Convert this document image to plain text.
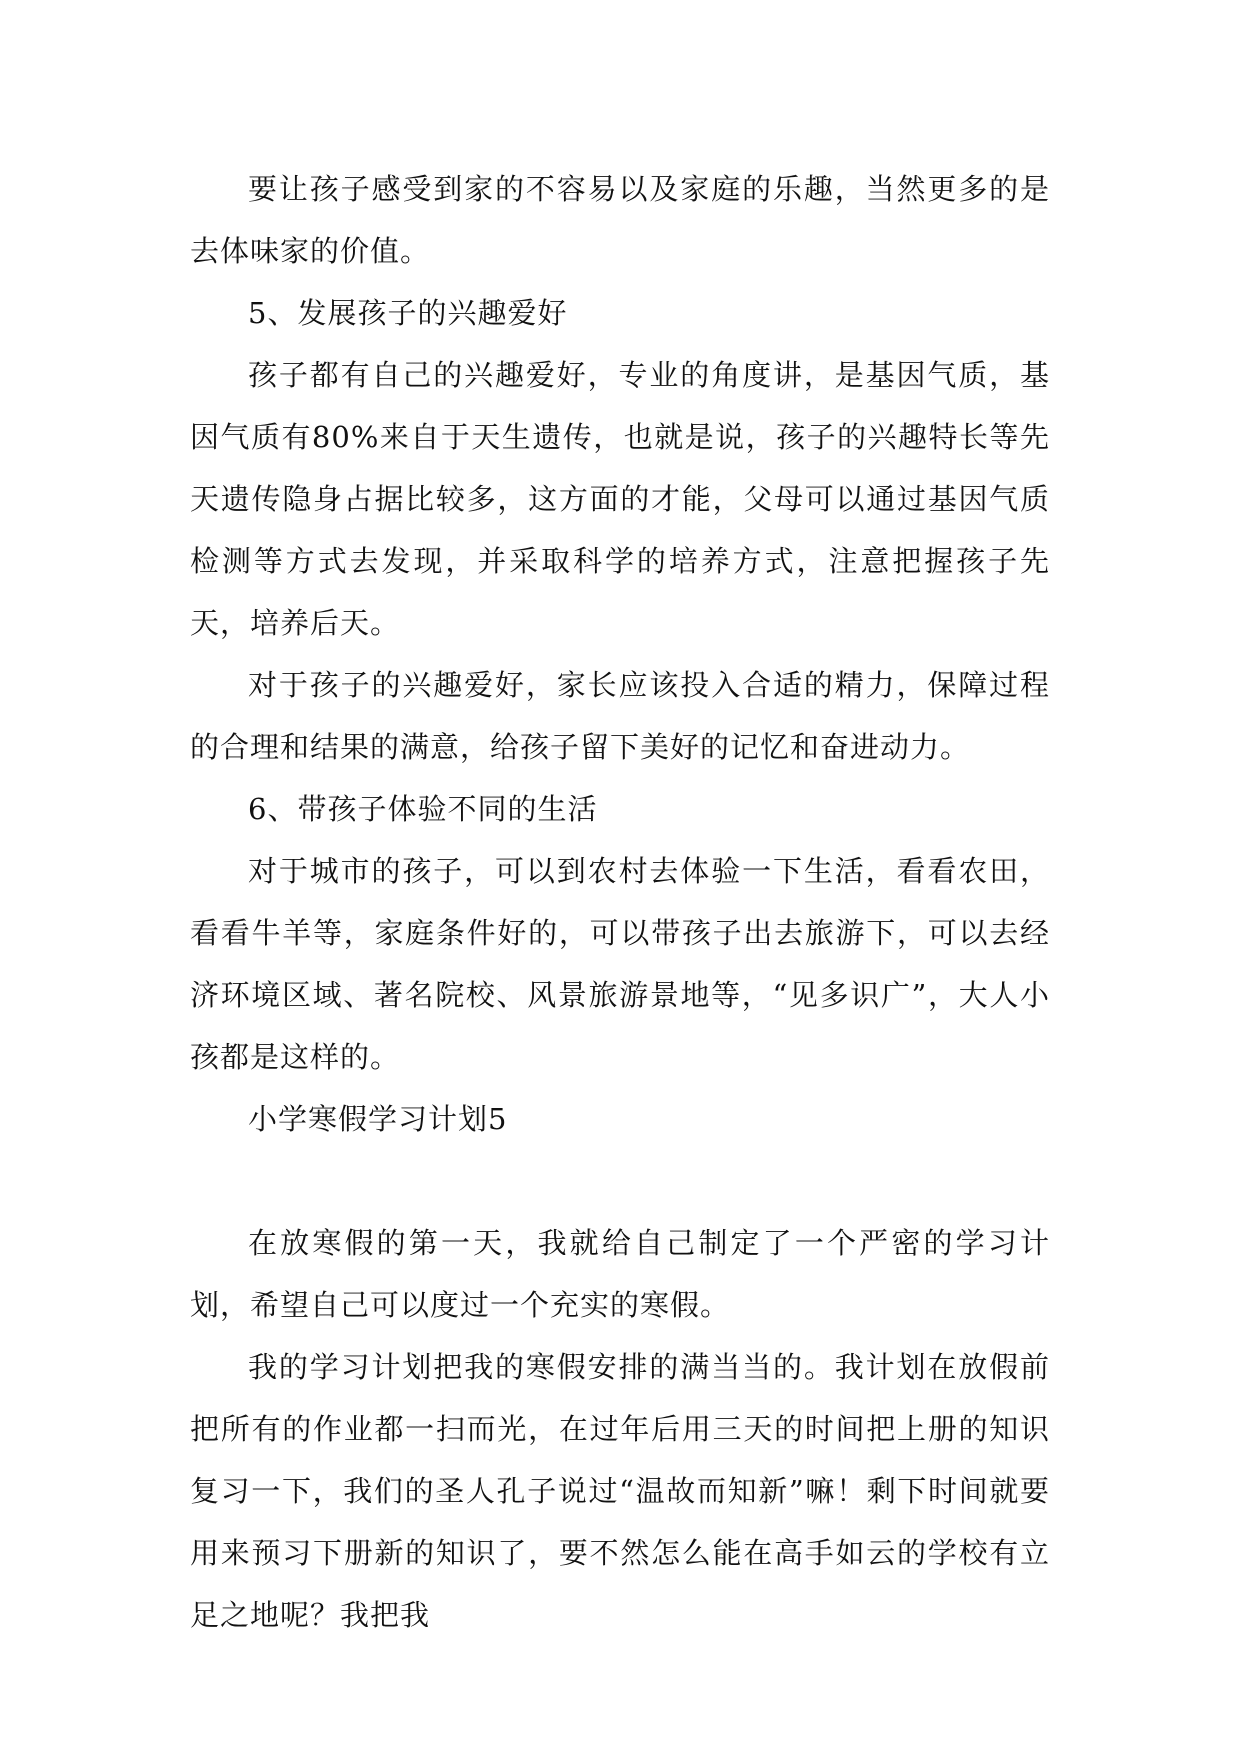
要让孩子感受到家的不容易以及家庭的乐趣，当然更多的是去体味家的价值。

5、发展孩子的兴趣爱好

孩子都有自己的兴趣爱好，专业的角度讲，是基因气质，基因气质有80%来自于天生遗传，也就是说，孩子的兴趣特长等先天遗传隐身占据比较多，这方面的才能，父母可以通过基因气质检测等方式去发现，并采取科学的培养方式，注意把握孩子先天，培养后天。

对于孩子的兴趣爱好，家长应该投入合适的精力，保障过程的合理和结果的满意，给孩子留下美好的记忆和奋进动力。

6、带孩子体验不同的生活

对于城市的孩子，可以到农村去体验一下生活，看看农田，看看牛羊等，家庭条件好的，可以带孩子出去旅游下，可以去经济环境区域、著名院校、风景旅游景地等，“见多识广”，大人小孩都是这样的。

小学寒假学习计划5

在放寒假的第一天，我就给自己制定了一个严密的学习计划，希望自己可以度过一个充实的寒假。

我的学习计划把我的寒假安排的满当当的。我计划在放假前把所有的作业都一扫而光，在过年后用三天的时间把上册的知识复习一下，我们的圣人孔子说过“温故而知新”嘛！剩下时间就要用来预习下册新的知识了，要不然怎么能在高手如云的学校有立足之地呢？我把我
